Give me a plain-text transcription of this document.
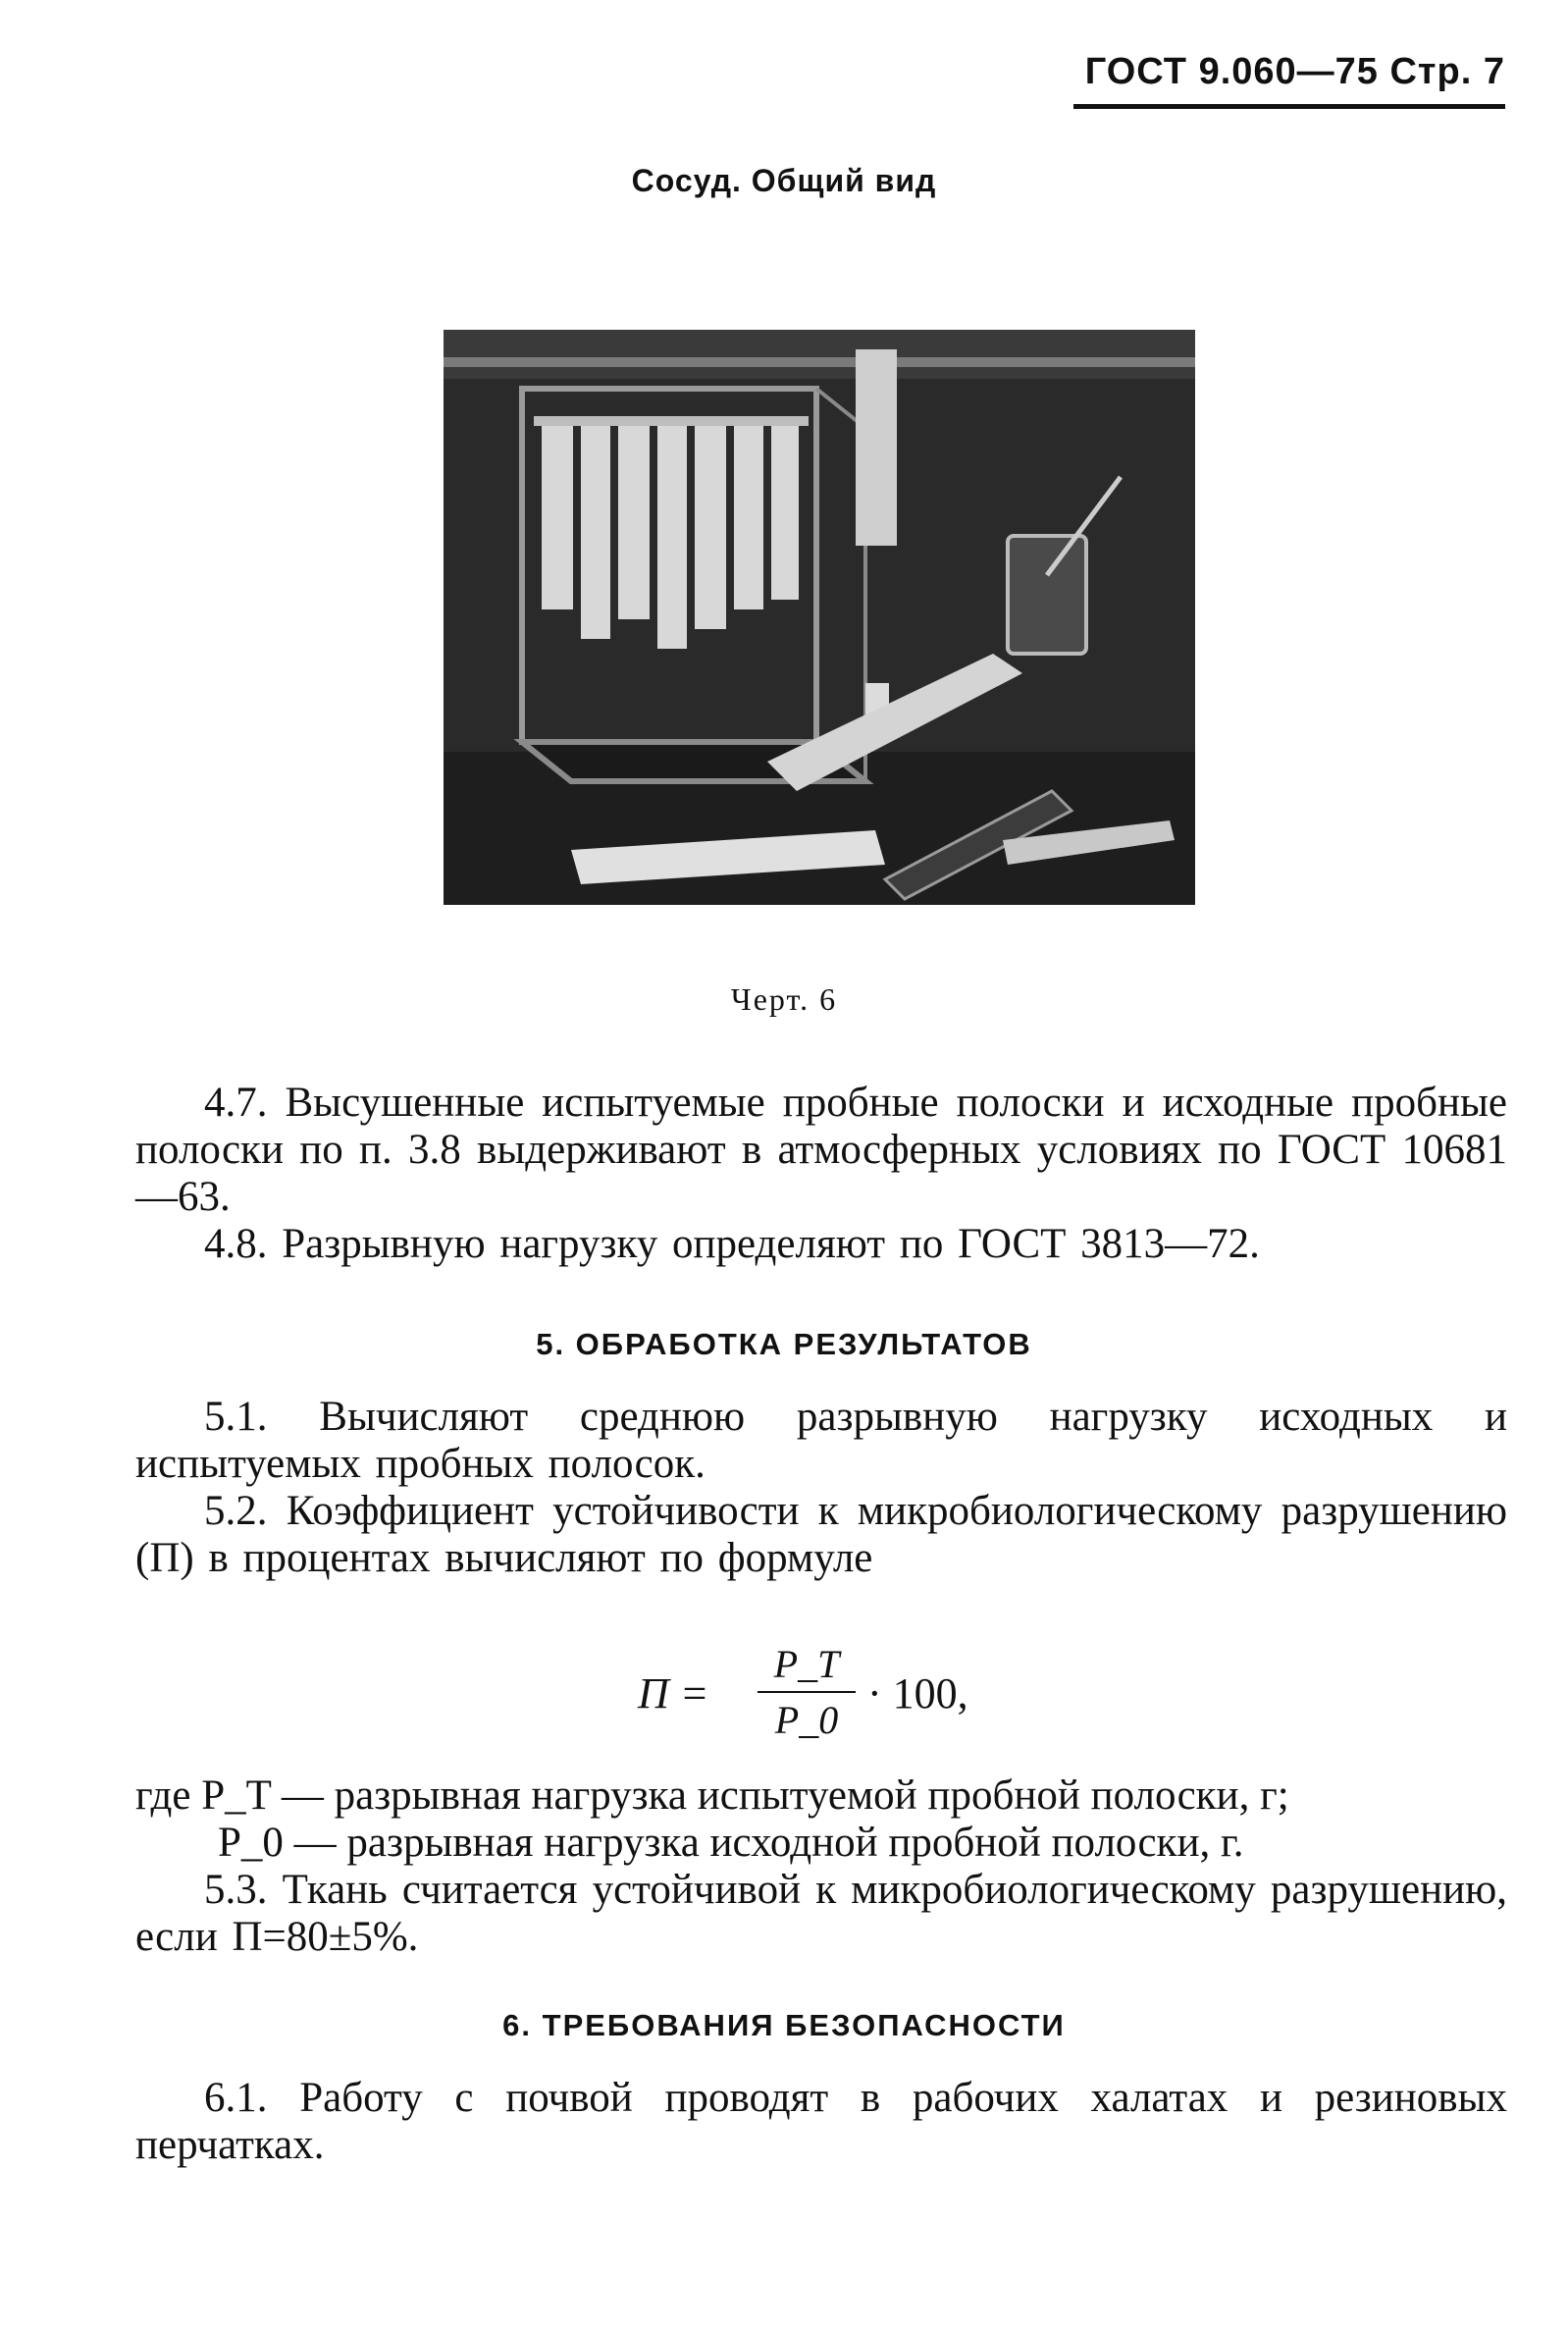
ГОСТ 9.060—75 Стр. 7
Сосуд. Общий вид
Черт. 6
4.7. Высушенные испытуемые пробные полоски и исходные пробные полоски по п. 3.8 выдерживают в атмосферных условиях по ГОСТ 10681—63.
4.8. Разрывную нагрузку определяют по ГОСТ 3813—72.
5. ОБРАБОТКА РЕЗУЛЬТАТОВ
5.1. Вычисляют среднюю разрывную нагрузку исходных и испытуемых пробных полосок.
5.2. Коэффициент устойчивости к микробиологическому разрушению (П) в процентах вычисляют по формуле
П =
P_T
P_0
· 100,
где P_T — разрывная нагрузка испытуемой пробной полоски, г;
P_0 — разрывная нагрузка исходной пробной полоски, г.
5.3. Ткань считается устойчивой к микробиологическому разрушению, если П=80±5%.
6. ТРЕБОВАНИЯ БЕЗОПАСНОСТИ
6.1. Работу с почвой проводят в рабочих халатах и резиновых перчатках.
